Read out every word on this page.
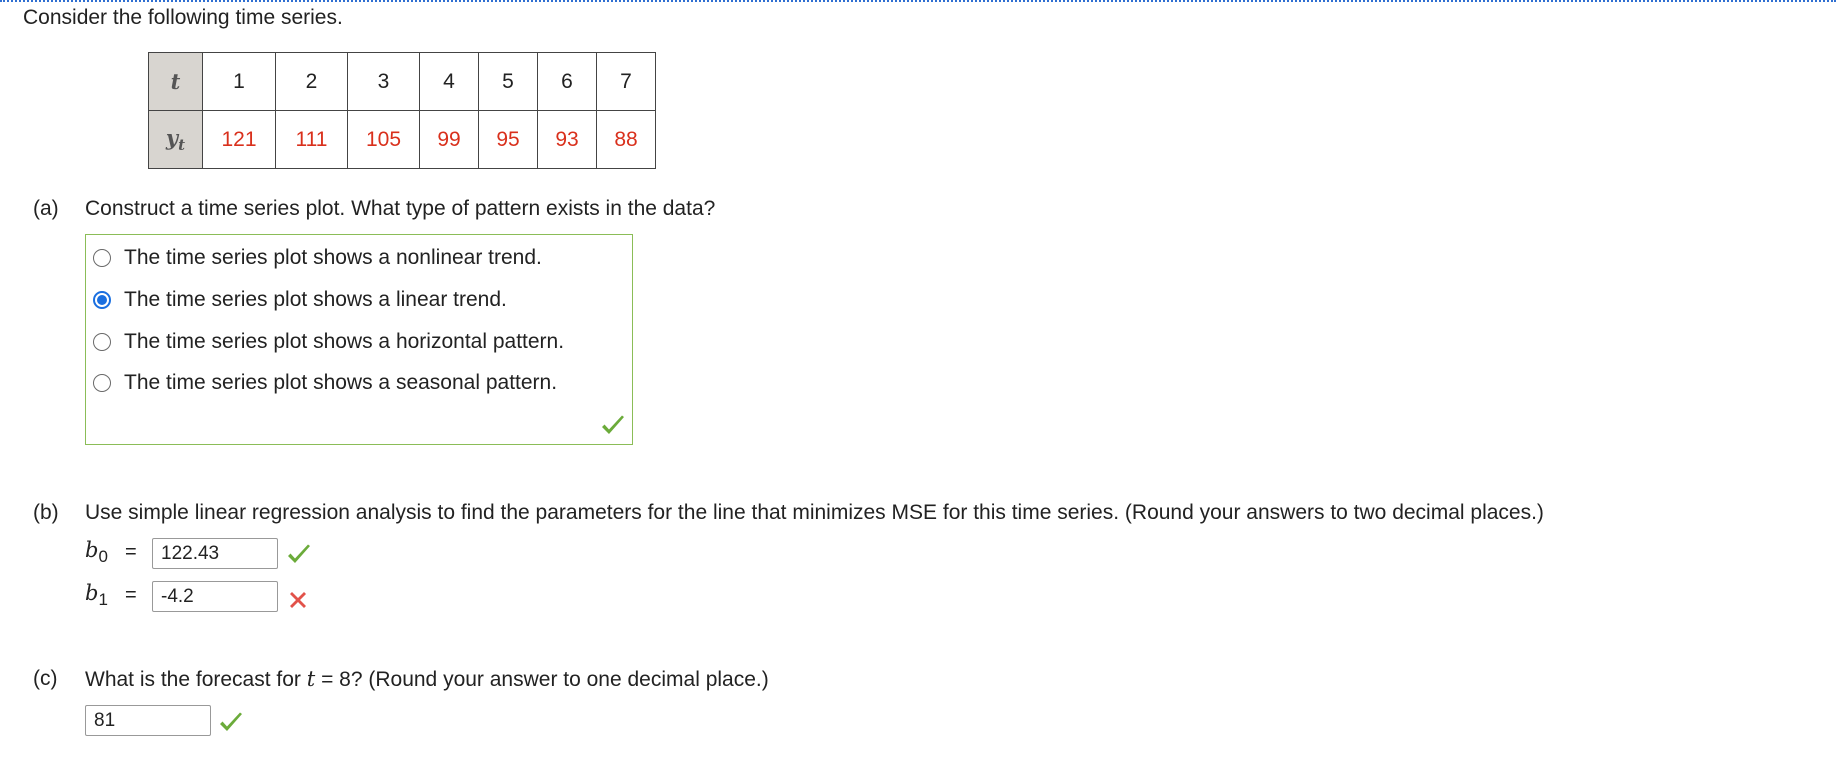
Consider the following time series.
t	1	2	3	4	5	6	7
$y_t$	121	111	105	99	95	93	88
(a) Construct a time series plot. What type of pattern exists in the data?
The time series plot shows a nonlinear trend.
The time series plot shows a linear trend.
The time series plot shows a horizontal pattern.
The time series plot shows a seasonal pattern.
(b) Use simple linear regression analysis to find the parameters for the line that minimizes MSE for this time series. (Round your answers to two decimal places.)
$b_0$ =
122.43
$b_1$ =
-4.2
(c) What is the forecast for t = 8? (Round your answer to one decimal place.)
81
